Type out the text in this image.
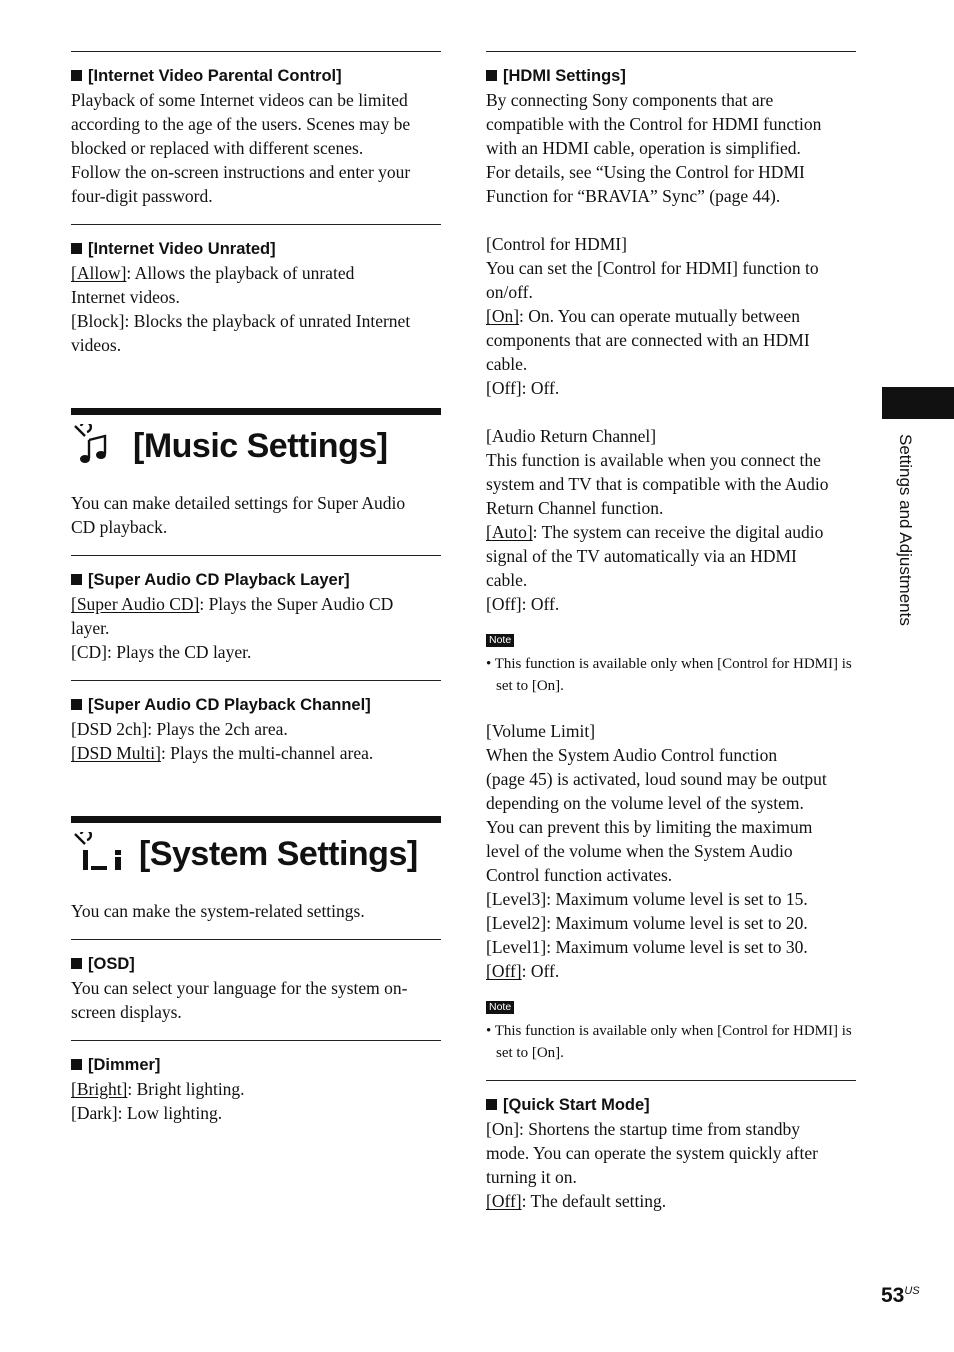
[Internet Video Parental Control]
Playback of some Internet videos can be limited
according to the age of the users. Scenes may be
blocked or replaced with different scenes.
Follow the on-screen instructions and enter your
four-digit password.
[Internet Video Unrated]
[Allow]: Allows the playback of unrated
Internet videos.
[Block]: Blocks the playback of unrated Internet
videos.
[Music Settings]
You can make detailed settings for Super Audio
CD playback.
[Super Audio CD Playback Layer]
[Super Audio CD]: Plays the Super Audio CD
layer.
[CD]: Plays the CD layer.
[Super Audio CD Playback Channel]
[DSD 2ch]: Plays the 2ch area.
[DSD Multi]: Plays the multi-channel area.
[System Settings]
You can make the system-related settings.
[OSD]
You can select your language for the system on-
screen displays.
[Dimmer]
[Bright]: Bright lighting.
[Dark]: Low lighting.
[HDMI Settings]
By connecting Sony components that are
compatible with the Control for HDMI function
with an HDMI cable, operation is simplified.
For details, see “Using the Control for HDMI
Function for “BRAVIA” Sync” (page 44).
[Control for HDMI]
You can set the [Control for HDMI] function to
on/off.
[On]: On. You can operate mutually between
components that are connected with an HDMI
cable.
[Off]: Off.
[Audio Return Channel]
This function is available when you connect the
system and TV that is compatible with the Audio
Return Channel function.
[Auto]: The system can receive the digital audio
signal of the TV automatically via an HDMI
cable.
[Off]: Off.
Note
• This function is available only when [Control for HDMI] is set to [On].
[Volume Limit]
When the System Audio Control function
(page 45) is activated, loud sound may be output
depending on the volume level of the system.
You can prevent this by limiting the maximum
level of the volume when the System Audio
Control function activates.
[Level3]: Maximum volume level is set to 15.
[Level2]: Maximum volume level is set to 20.
[Level1]: Maximum volume level is set to 30.
[Off]: Off.
Note
• This function is available only when [Control for HDMI] is set to [On].
[Quick Start Mode]
[On]: Shortens the startup time from standby
mode. You can operate the system quickly after
turning it on.
[Off]: The default setting.
Settings and Adjustments
$53^{US}$
